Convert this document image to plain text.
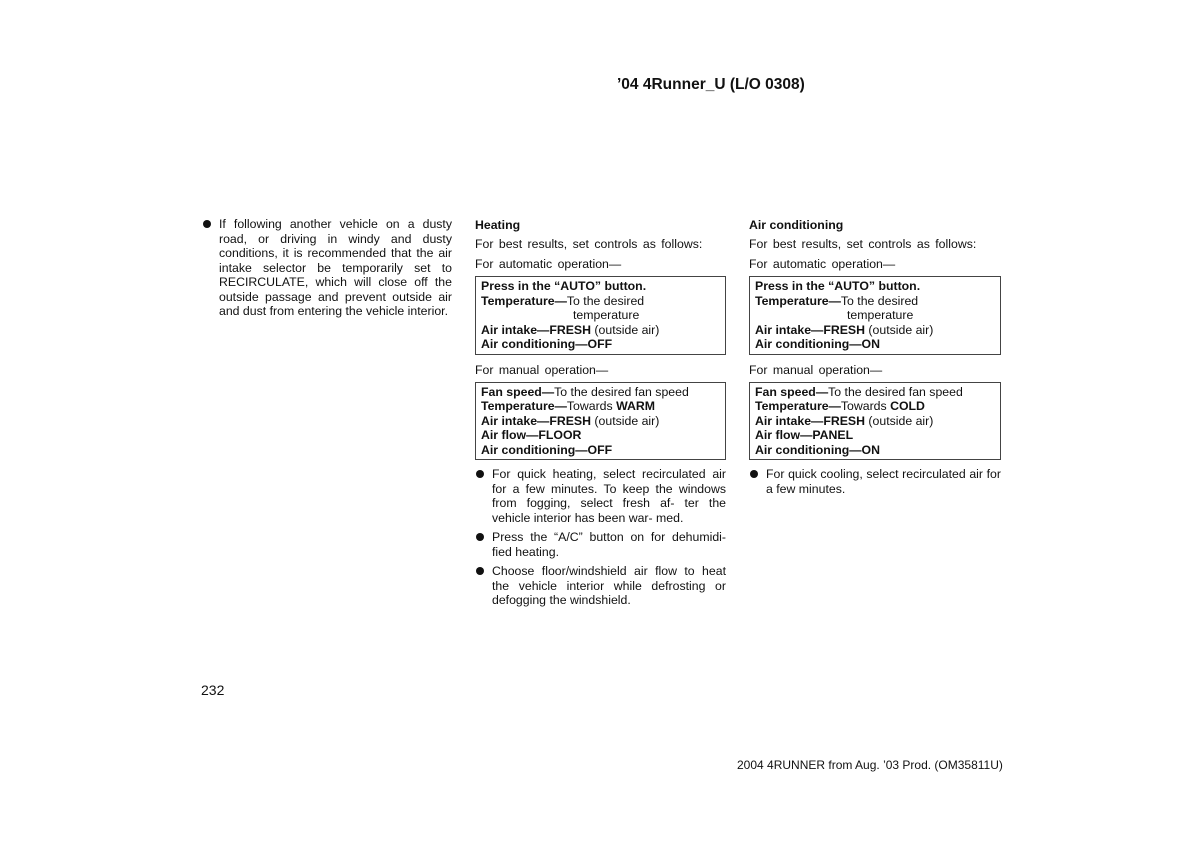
’04 4Runner_U (L/O 0308)
If following another vehicle on a dusty road, or driving in windy and dusty conditions, it is recommended that the air intake selector be temporarily set to RECIRCULATE, which will close off the outside passage and prevent outside air and dust from entering the vehicle interior.
Heating
For best results, set controls as follows:
For automatic operation—
Press in the “AUTO” button.
Temperature—To the desired
temperature
Air intake—FRESH (outside air)
Air conditioning—OFF
For manual operation—
Fan speed—To the desired fan speed
Temperature—Towards WARM
Air intake—FRESH (outside air)
Air flow—FLOOR
Air conditioning—OFF
For quick heating, select recirculated air for a few minutes. To keep the windows from fogging, select fresh af- ter the vehicle interior has been war- med.
Press the “A/C” button on for dehumidi- fied heating.
Choose floor/windshield air flow to heat the vehicle interior while defrosting or defogging the windshield.
Air conditioning
For best results, set controls as follows:
For automatic operation—
Press in the “AUTO” button.
Temperature—To the desired
temperature
Air intake—FRESH (outside air)
Air conditioning—ON
For manual operation—
Fan speed—To the desired fan speed
Temperature—Towards COLD
Air intake—FRESH (outside air)
Air flow—PANEL
Air conditioning—ON
For quick cooling, select recirculated air for a few minutes.
232
2004 4RUNNER from Aug. ’03 Prod. (OM35811U)
